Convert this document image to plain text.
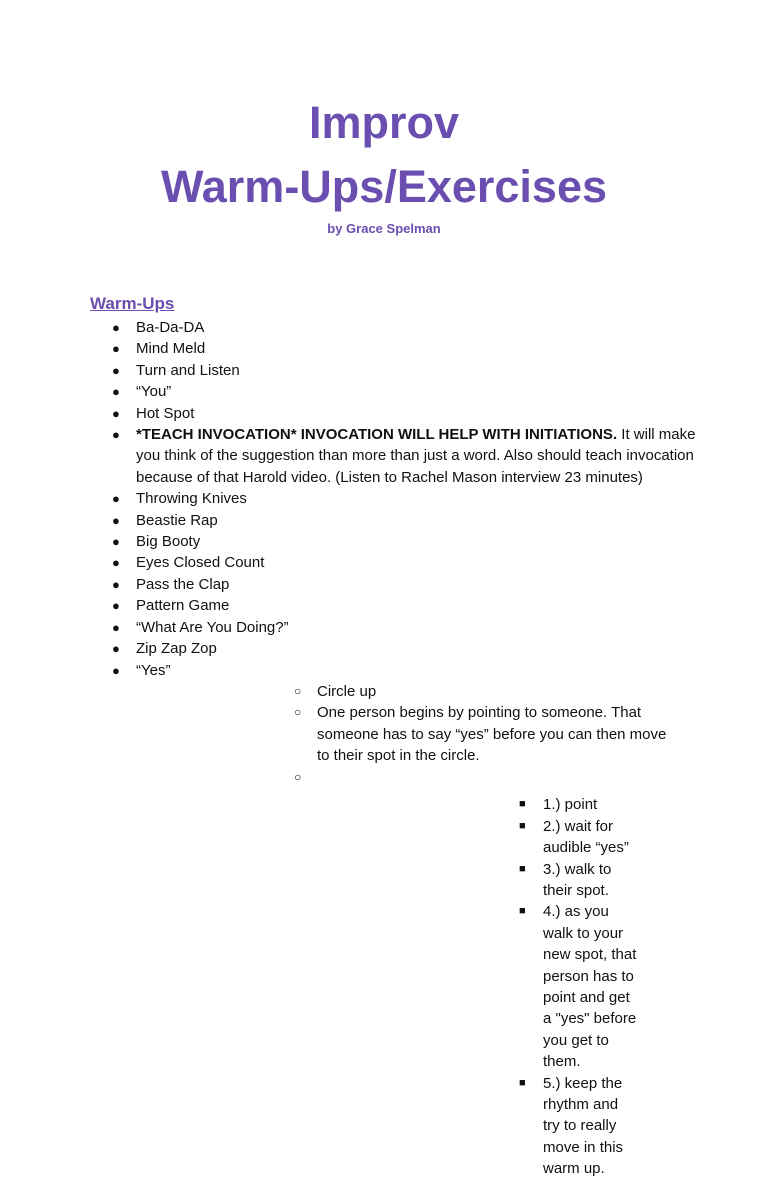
Improv
Warm-Ups/Exercises
by Grace Spelman
Warm-Ups
● Ba-Da-DA
● Mind Meld
● Turn and Listen
● “You”
● Hot Spot
● *TEACH INVOCATION* INVOCATION WILL HELP WITH INITIATIONS. It will make you think of the suggestion than more than just a word. Also should teach invocation because of that Harold video. (Listen to Rachel Mason interview 23 minutes)
● Throwing Knives
● Beastie Rap
● Big Booty
● Eyes Closed Count
● Pass the Clap
● Pattern Game
● “What Are You Doing?”
● Zip Zap Zop
● “Yes”
○ Circle up
○ One person begins by pointing to someone. That someone has to say “yes” before you can then move to their spot in the circle.
○
■ 1.) point
■ 2.) wait for audible “yes”
■ 3.) walk to their spot.
■ 4.) as you walk to your new spot, that person has to point and get a "yes" before you get to them.
■ 5.) keep the rhythm and try to really move in this warm up.
